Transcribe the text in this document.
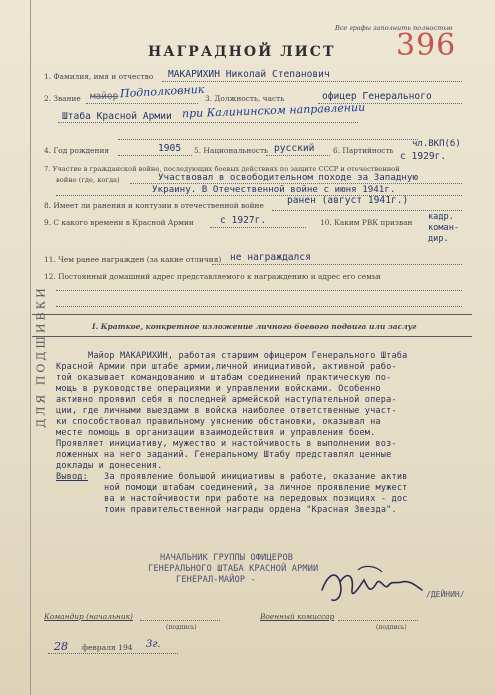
ДЛЯ ПОДШИВКИ
Все графы заполнить полностью
396
НАГРАДНОЙ ЛИСТ
1. Фамилия, имя и отчество МАКАРИХИН Николай Степанович
2. Звание майор Подполковник 3. Должность, часть	офицер Генерального
Штаба Красной Армии при Калининском направлении
4. Год рождения	1905 5. Национальность русский	6. Партийность
чл.ВКП(б)
с 1929г.
7. Участие в гражданской войне, последующих боевых действиях по защите СССР и отечественной
войне (где, когда)	Участвовал в освободительном походе за Западную
Украину. В Отечественной войне с июня 1941г.
8. Имеет ли ранения и контузии в отечественной войне ранен (август 1941г.)
9. С какого времени в Красной Армии	с 1927г.	10. Каким РВК призван
кадр. коман- дир.
11. Чем ранее награжден (за какие отличия) не награждался
12. Постоянный домашний адрес представляемого к награждению и адрес его семьи
I. Краткое, конкретное изложение личного боевого подвига или заслуг
Майор МАКАРИХИН, работая старшим офицером Генерального Штаба
Красной Армии при штабе армии,личной инициативой, активной рабо-
той оказывает командованию и штабам соединений практическую по-
мощь в руководстве операциями и управлении войсками. Особенно
активно проявил себя в последней армейской наступательной опера-
ции, где личными выездами в войска наиболее ответственные участ-
ки способствовал правильному уяснению обстановки, оказывал на
месте помощь в организации взаимодействия и управления боем.
Проявляет инициативу, мужество и настойчивость в выполнении воз-
ложенных на него заданий. Генеральному Штабу представлял ценные
доклады и донесения.
Вывод:	За проявление большой инициативы в работе, оказание актив
ной помощи штабам соединений, за личное проявление мужест
ва и настойчивости при работе на передовых позициях - дос
тоин правительственной награды ордена "Красная Звезда".
НАЧАЛЬНИК ГРУППЫ ОФИЦЕРОВ
ГЕНЕРАЛЬНОГО ШТАБА КРАСНОЙ АРМИИ
ГЕНЕРАЛ-МАЙОР -
/ДЕЙНИН/
Командир (начальник)
(подпись)
Военный комиссар
(подпись)
28 февраля 194 3г.
